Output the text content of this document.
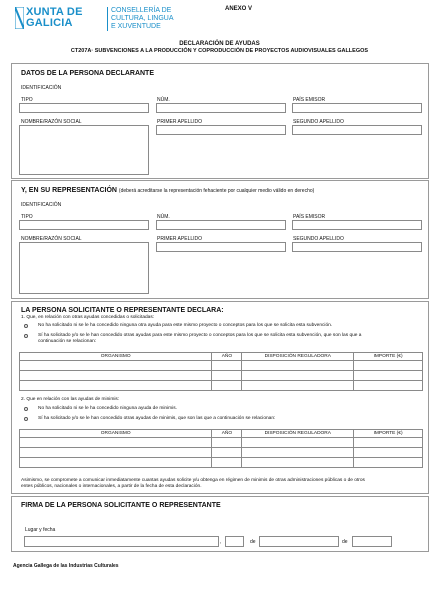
XUNTA DE GALICIA
CONSELLERÍA DE
CULTURA, LINGUA
E XUVENTUDE
ANEXO V
DECLARACIÓN DE AYUDAS
CT207A· SUBVENCIONES A LA PRODUCCIÓN Y COPRODUCCIÓN DE PROYECTOS AUDIOVISUALES GALLEGOS
DATOS DE LA PERSONA DECLARANTE
IDENTIFICACIÓN
TIPO	NÚM.	PAÍS EMISOR
NOMBRE/RAZÓN SOCIAL	PRIMER APELLIDO	SEGUNDO APELLIDO
Y, EN SU REPRESENTACIÓN (deberá acreditarse la representación fehaciente por cualquier medio válido en derecho)
IDENTIFICACIÓN
TIPO	NÚM.	PAÍS EMISOR
NOMBRE/RAZÓN SOCIAL	PRIMER APELLIDO	SEGUNDO APELLIDO
LA PERSONA SOLICITANTE O REPRESENTANTE DECLARA:
1. Que, en relación con otras ayudas concedidas o solicitadas:
No ha solicitado ni se le ha concedido ninguna otra ayuda para este mismo proyecto o conceptos para los que se solicita esta subvención.
Sí ha solicitado y/o se le han concedido otras ayudas para este mismo proyecto o conceptos para los que se solicita esta subvención, que son las que a
continuación se relacionan:
ORGANISMO	AÑO	DISPOSICIÓN REGULADORA	IMPORTE (€)

2. Que en relación con las ayudas de minimis:
No ha solicitado ni se le ha concedido ninguna ayuda de minimis.
Sí ha solicitado y/o se le han concedido otras ayudas de minimis, que son las que a continuación se relacionan:
ORGANISMO	AÑO	DISPOSICIÓN REGULADORA	IMPORTE (€)

Asimismo, se compromete a comunicar inmediatamente cuantas ayudas solicite y/u obtenga en régimen de minimis de otras administraciones públicas o de otros
entes públicos, nacionales o internacionales, a partir de la fecha de esta declaración.
FIRMA DE LA PERSONA SOLICITANTE O REPRESENTANTE
Lugar y fecha
,	de	de
Agencia Gallega de las Industrias Culturales
